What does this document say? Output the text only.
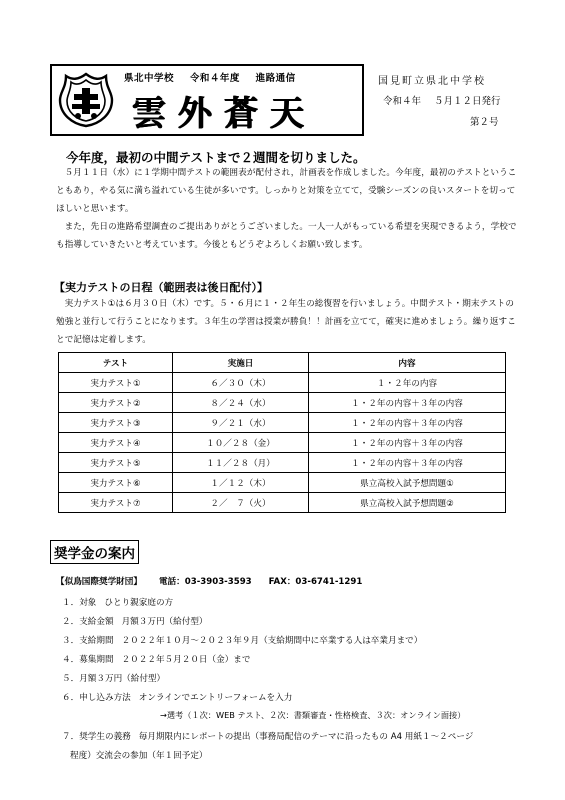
県北中学校 令和４年度 進路通信
雲外蒼天
国見町立県北中学校
令和４年 ５月１２日発行
第２号
今年度，最初の中間テストまで２週間を切りました。

５月１１日（水）に１学期中間テストの範囲表が配付され，計画表を作成しました。今年度，最初のテストということもあり，やる気に満ち溢れている生徒が多いです。しっかりと対策を立てて，受験シーズンの良いスタートを切ってほしいと思います。

また，先日の進路希望調査のご提出ありがとうございました。一人一人がもっている希望を実現できるよう，学校でも指導していきたいと考えています。今後ともどうぞよろしくお願い致します。

【実力テストの日程（範囲表は後日配付）】

実力テスト①は６月３０日（木）です。５・６月に１・２年生の総復習を行いましょう。中間テスト・期末テストの勉強と並行して行うことになります。３年生の学習は授業が勝負！！計画を立てて，確実に進めましょう。繰り返すことで記憶は定着します。

テスト	実施日	内容
実力テスト①	６／３０（木）	１・２年の内容
実力テスト②	８／２４（水）	１・２年の内容＋３年の内容
実力テスト③	９／２１（水）	１・２年の内容＋３年の内容
実力テスト④	１０／２８（金）	１・２年の内容＋３年の内容
実力テスト⑤	１１／２８（月）	１・２年の内容＋３年の内容
実力テスト⑥	１／１２（木）	県立高校入試予想問題①
実力テスト⑦	２／　７（火）	県立高校入試予想問題②
奨学金の案内
【似鳥国際奨学財団】 電話：03-3903-3593 FAX：03-6741-1291
１．対象 ひとり親家庭の方
２．支給金額 月額３万円（給付型）
３．支給期間 ２０２２年１０月～２０２３年９月（支給期間中に卒業する人は卒業月まで）
４．募集期間 ２０２２年５月２０日（金）まで
５．月額３万円（給付型）
６．申し込み方法 オンラインでエントリーフォームを入力
→選考（１次：WEB テスト、２次：書類審査・性格検査、３次：オンライン面接）
７．奨学生の義務 毎月期限内にレポートの提出（事務局配信のテーマに沿ったもの A4 用紙１～２ページ
程度）交流会の参加（年１回予定）
